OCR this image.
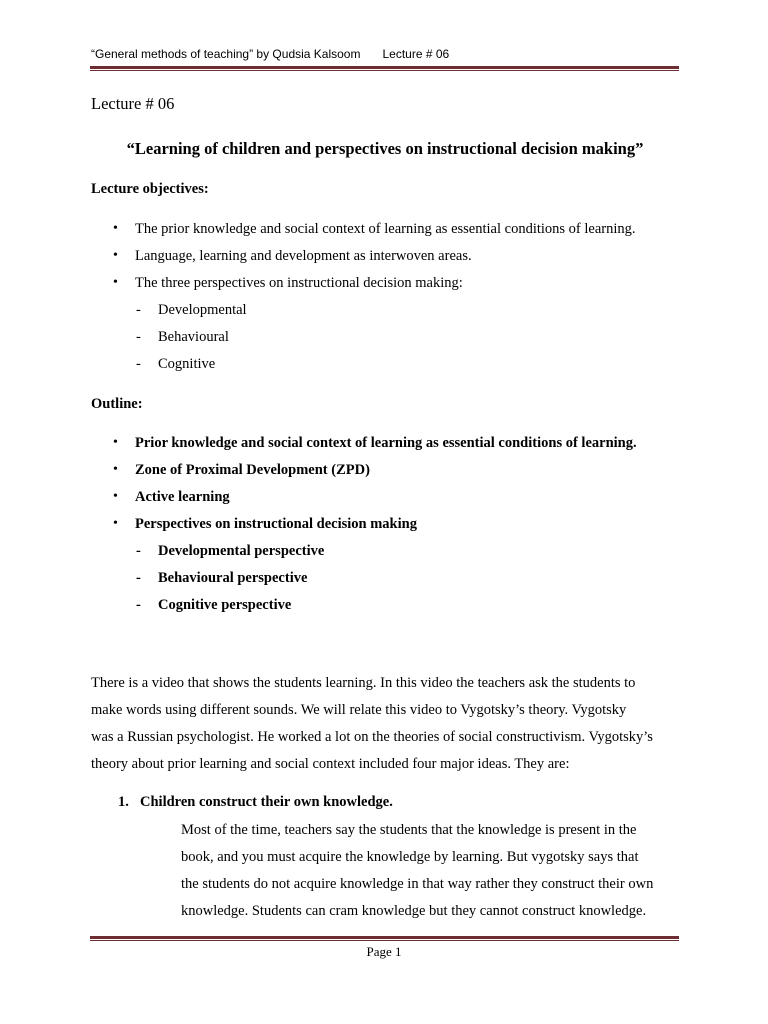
“General methods of teaching” by Qudsia Kalsoom Lecture # 06
Lecture # 06
“Learning of children and perspectives on instructional decision making”
Lecture objectives:
• The prior knowledge and social context of learning as essential conditions of learning.
• Language, learning and development as interwoven areas.
• The three perspectives on instructional decision making:
- Developmental
- Behavioural
- Cognitive
Outline:
• Prior knowledge and social context of learning as essential conditions of learning.
• Zone of Proximal Development (ZPD)
• Active learning
• Perspectives on instructional decision making
- Developmental perspective
- Behavioural perspective
- Cognitive perspective
There is a video that shows the students learning. In this video the teachers ask the students to
make words using different sounds. We will relate this video to Vygotsky’s theory. Vygotsky
was a Russian psychologist. He worked a lot on the theories of social constructivism. Vygotsky’s
theory about prior learning and social context included four major ideas. They are:
1. Children construct their own knowledge.
Most of the time, teachers say the students that the knowledge is present in the
book, and you must acquire the knowledge by learning. But vygotsky says that
the students do not acquire knowledge in that way rather they construct their own
knowledge. Students can cram knowledge but they cannot construct knowledge.
Page 1
